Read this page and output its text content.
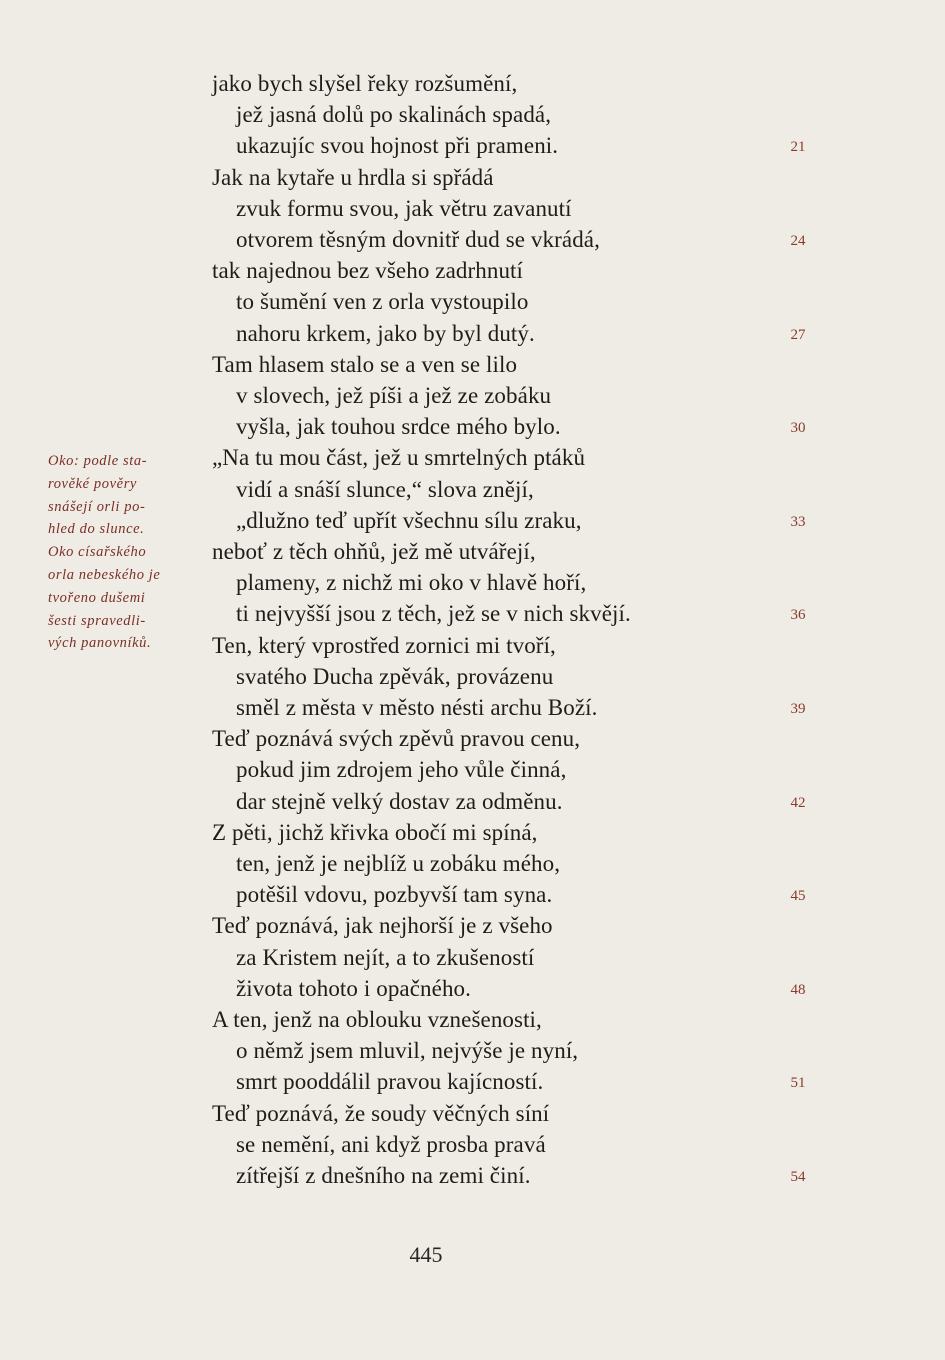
jako bych slyšel řeky rozšumění,
jež jasná dolů po skalinách spadá,
ukazujíc svou hojnost při prameni.	21
Jak na kytaře u hrdla si spřádá
zvuk formu svou, jak větru zavanutí
otvorem těsným dovnitř dud se vkrádá,	24
tak najednou bez všeho zadrhnutí
to šumění ven z orla vystoupilo
nahoru krkem, jako by byl dutý.	27
Tam hlasem stalo se a ven se lilo
v slovech, jež píši a jež ze zobáku
vyšla, jak touhou srdce mého bylo.	30
„Na tu mou část, jež u smrtelných ptáků
vidí a snáší slunce,“ slova znějí,
„dlužno teď upřít všechnu sílu zraku,	33
neboť z těch ohňů, jež mě utvářejí,
plameny, z nichž mi oko v hlavě hoří,
ti nejvyšší jsou z těch, jež se v nich skvějí.	36
Ten, který vprostřed zornici mi tvoří,
svatého Ducha zpěvák, provázenu
směl z města v město nésti archu Boží.	39
Teď poznává svých zpěvů pravou cenu,
pokud jim zdrojem jeho vůle činná,
dar stejně velký dostav za odměnu.	42
Z pěti, jichž křivka obočí mi spíná,
ten, jenž je nejblíž u zobáku mého,
potěšil vdovu, pozbyvší tam syna.	45
Teď poznává, jak nejhorší je z všeho
za Kristem nejít, a to zkušeností
života tohoto i opačného.	48
A ten, jenž na oblouku vznešenosti,
o němž jsem mluvil, nejvýše je nyní,
smrt pooddálil pravou kajícností.	51
Teď poznává, že soudy věčných síní
se nemění, ani když prosba pravá
zítřejší z dnešního na zemi činí.	54
Oko: podle sta-
rověké pověry
snášejí orli po-
hled do slunce.
Oko císařského
orla nebeského je
tvořeno dušemi
šesti spravedli-
vých panovníků.
445
